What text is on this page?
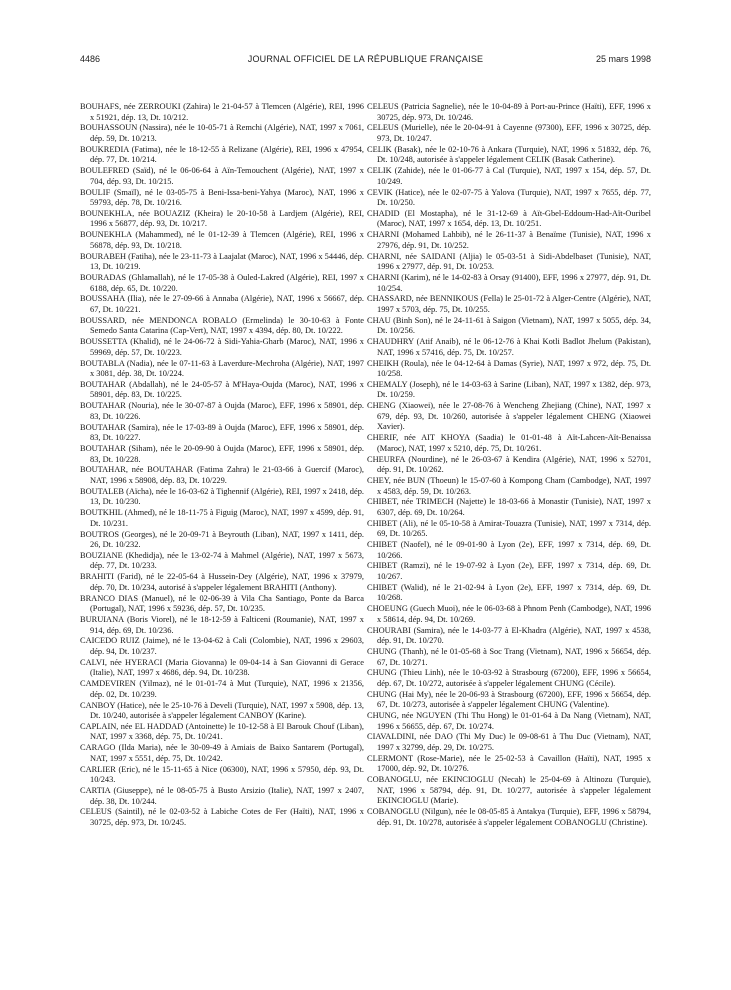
4486	JOURNAL OFFICIEL DE LA RÉPUBLIQUE FRANÇAISE	25 mars 1998

BOUHAFS, née ZERROUKI (Zahira) le 21-04-57 à Tlemcen (Algérie), REI, 1996 x 51921, dép. 13, Dt. 10/212.

BOUHASSOUN (Nassira), née le 10-05-71 à Remchi (Algérie), NAT, 1997 x 7061, dép. 59, Dt. 10/213.

BOUKREDIA (Fatima), née le 18-12-55 à Relizane (Algérie), REI, 1996 x 47954, dép. 77, Dt. 10/214.

BOULEFRED (Saïd), né le 06-06-64 à Aïn-Temouchent (Algérie), NAT, 1997 x 704, dép. 93, Dt. 10/215.

BOULIF (Smaïl), né le 03-05-75 à Beni-Issa-beni-Yahya (Maroc), NAT, 1996 x 59793, dép. 78, Dt. 10/216.

BOUNEKHLA, née BOUAZIZ (Kheira) le 20-10-58 à Lardjem (Algérie), REI, 1996 x 56877, dép. 93, Dt. 10/217.

BOUNEKHLA (Mahammed), né le 01-12-39 à Tlemcen (Algérie), REI, 1996 x 56878, dép. 93, Dt. 10/218.

BOURABEH (Fatiha), née le 23-11-73 à Laajalat (Maroc), NAT, 1996 x 54446, dép. 13, Dt. 10/219.

BOURADAS (Ghlamallah), né le 17-05-38 à Ouled-Lakred (Algérie), REI, 1997 x 6188, dép. 65, Dt. 10/220.

BOUSSAHA (Ilia), née le 27-09-66 à Annaba (Algérie), NAT, 1996 x 56667, dép. 67, Dt. 10/221.

BOUSSARD, née MENDONCA ROBALO (Ermelinda) le 30-10-63 à Fonte Semedo Santa Catarina (Cap-Vert), NAT, 1997 x 4394, dép. 80, Dt. 10/222.

BOUSSETTA (Khalid), né le 24-06-72 à Sidi-Yahia-Gharb (Maroc), NAT, 1996 x 59969, dép. 57, Dt. 10/223.

BOUTABLA (Nadia), née le 07-11-63 à Laverdure-Mechroha (Algérie), NAT, 1997 x 3081, dép. 38, Dt. 10/224.

BOUTAHAR (Abdallah), né le 24-05-57 à M'Haya-Oujda (Maroc), NAT, 1996 x 58901, dép. 83, Dt. 10/225.

BOUTAHAR (Nouria), née le 30-07-87 à Oujda (Maroc), EFF, 1996 x 58901, dép. 83, Dt. 10/226.

BOUTAHAR (Samira), née le 17-03-89 à Oujda (Maroc), EFF, 1996 x 58901, dép. 83, Dt. 10/227.

BOUTAHAR (Siham), née le 20-09-90 à Oujda (Maroc), EFF, 1996 x 58901, dép. 83, Dt. 10/228.

BOUTAHAR, née BOUTAHAR (Fatima Zahra) le 21-03-66 à Guercif (Maroc), NAT, 1996 x 58908, dép. 83, Dt. 10/229.

BOUTALEB (Aïcha), née le 16-03-62 à Tighennif (Algérie), REI, 1997 x 2418, dép. 13, Dt. 10/230.

BOUTKHIL (Ahmed), né le 18-11-75 à Figuig (Maroc), NAT, 1997 x 4599, dép. 91, Dt. 10/231.

BOUTROS (Georges), né le 20-09-71 à Beyrouth (Liban), NAT, 1997 x 1411, dép. 26, Dt. 10/232.

BOUZIANE (Khedidja), née le 13-02-74 à Mahmel (Algérie), NAT, 1997 x 5673, dép. 77, Dt. 10/233.

BRAHITI (Farid), né le 22-05-64 à Hussein-Dey (Algérie), NAT, 1996 x 37979, dép. 70, Dt. 10/234, autorisé à s'appeler légalement BRAHITI (Anthony).

BRANCO DIAS (Manuel), né le 02-06-39 à Vila Cha Santiago, Ponte da Barca (Portugal), NAT, 1996 x 59236, dép. 57, Dt. 10/235.

BURUIANA (Boris Viorel), né le 18-12-59 à Falticeni (Roumanie), NAT, 1997 x 914, dép. 69, Dt. 10/236.

CAICEDO RUIZ (Jaime), né le 13-04-62 à Cali (Colombie), NAT, 1996 x 29603, dép. 94, Dt. 10/237.

CALVI, née HYERACI (Maria Giovanna) le 09-04-14 à San Giovanni di Gerace (Italie), NAT, 1997 x 4686, dép. 94, Dt. 10/238.

CAMDEVIREN (Yilmaz), né le 01-01-74 à Mut (Turquie), NAT, 1996 x 21356, dép. 02, Dt. 10/239.

CANBOY (Hatice), née le 25-10-76 à Develi (Turquie), NAT, 1997 x 5908, dép. 13, Dt. 10/240, autorisée à s'appeler légalement CANBOY (Karine).

CAPLAIN, née EL HADDAD (Antoinette) le 10-12-58 à El Barouk Chouf (Liban), NAT, 1997 x 3368, dép. 75, Dt. 10/241.

CARAGO (Ilda Maria), née le 30-09-49 à Amiais de Baixo Santarem (Portugal), NAT, 1997 x 5551, dép. 75, Dt. 10/242.

CARLIER (Eric), né le 15-11-65 à Nice (06300), NAT, 1996 x 57950, dép. 93, Dt. 10/243.

CARTIA (Giuseppe), né le 08-05-75 à Busto Arsizio (Italie), NAT, 1997 x 2407, dép. 38, Dt. 10/244.

CELEUS (Saintil), né le 02-03-52 à Labiche Cotes de Fer (Haïti), NAT, 1996 x 30725, dép. 973, Dt. 10/245.

CELEUS (Patricia Sagnelie), née le 10-04-89 à Port-au-Prince (Haïti), EFF, 1996 x 30725, dép. 973, Dt. 10/246.

CELEUS (Murielle), née le 20-04-91 à Cayenne (97300), EFF, 1996 x 30725, dép. 973, Dt. 10/247.

CELIK (Basak), née le 02-10-76 à Ankara (Turquie), NAT, 1996 x 51832, dép. 76, Dt. 10/248, autorisée à s'appeler légalement CELIK (Basak Catherine).

CELIK (Zahide), née le 01-06-77 à Cal (Turquie), NAT, 1997 x 154, dép. 57, Dt. 10/249.

CEVIK (Hatice), née le 02-07-75 à Yalova (Turquie), NAT, 1997 x 7655, dép. 77, Dt. 10/250.

CHADID (El Mostapha), né le 31-12-69 à Aït-Gbel-Eddoum-Had-Aït-Ouribel (Maroc), NAT, 1997 x 1654, dép. 13, Dt. 10/251.

CHARNI (Mohamed Lahbib), né le 26-11-37 à Benaïme (Tunisie), NAT, 1996 x 27976, dép. 91, Dt. 10/252.

CHARNI, née SAIDANI (Aljia) le 05-03-51 à Sidi-Abdelbaset (Tunisie), NAT, 1996 x 27977, dép. 91, Dt. 10/253.

CHARNI (Karim), né le 14-02-83 à Orsay (91400), EFF, 1996 x 27977, dép. 91, Dt. 10/254.

CHASSARD, née BENNIKOUS (Fella) le 25-01-72 à Alger-Centre (Algérie), NAT, 1997 x 5703, dép. 75, Dt. 10/255.

CHAU (Binh Son), né le 24-11-61 à Saigon (Vietnam), NAT, 1997 x 5055, dép. 34, Dt. 10/256.

CHAUDHRY (Atif Anaib), né le 06-12-76 à Khai Kotli Badlot Jhelum (Pakistan), NAT, 1996 x 57416, dép. 75, Dt. 10/257.

CHEIKH (Roula), née le 04-12-64 à Damas (Syrie), NAT, 1997 x 972, dép. 75, Dt. 10/258.

CHEMALY (Joseph), né le 14-03-63 à Sarine (Liban), NAT, 1997 x 1382, dép. 973, Dt. 10/259.

CHENG (Xiaowei), née le 27-08-76 à Wencheng Zhejiang (Chine), NAT, 1997 x 679, dép. 93, Dt. 10/260, autorisée à s'appeler légalement CHENG (Xiaowei Xavier).

CHERIF, née AIT KHOYA (Saadia) le 01-01-48 à Aït-Lahcen-Aït-Benaissa (Maroc), NAT, 1997 x 5210, dép. 75, Dt. 10/261.

CHEURFA (Nourdine), né le 26-03-67 à Kendira (Algérie), NAT, 1996 x 52701, dép. 91, Dt. 10/262.

CHEY, née BUN (Thoeun) le 15-07-60 à Kompong Cham (Cambodge), NAT, 1997 x 4583, dép. 59, Dt. 10/263.

CHIBET, née TRIMECH (Najette) le 18-03-66 à Monastir (Tunisie), NAT, 1997 x 6307, dép. 69, Dt. 10/264.

CHIBET (Ali), né le 05-10-58 à Amirat-Touazra (Tunisie), NAT, 1997 x 7314, dép. 69, Dt. 10/265.

CHIBET (Naofel), né le 09-01-90 à Lyon (2e), EFF, 1997 x 7314, dép. 69, Dt. 10/266.

CHIBET (Ramzi), né le 19-07-92 à Lyon (2e), EFF, 1997 x 7314, dép. 69, Dt. 10/267.

CHIBET (Walid), né le 21-02-94 à Lyon (2e), EFF, 1997 x 7314, dép. 69, Dt. 10/268.

CHOEUNG (Guech Muoi), née le 06-03-68 à Phnom Penh (Cambodge), NAT, 1996 x 58614, dép. 94, Dt. 10/269.

CHOURABI (Samira), née le 14-03-77 à El-Khadra (Algérie), NAT, 1997 x 4538, dép. 91, Dt. 10/270.

CHUNG (Thanh), né le 01-05-68 à Soc Trang (Vietnam), NAT, 1996 x 56654, dép. 67, Dt. 10/271.

CHUNG (Thieu Linh), née le 10-03-92 à Strasbourg (67200), EFF, 1996 x 56654, dép. 67, Dt. 10/272, autorisée à s'appeler légalement CHUNG (Cécile).

CHUNG (Hai My), née le 20-06-93 à Strasbourg (67200), EFF, 1996 x 56654, dép. 67, Dt. 10/273, autorisée à s'appeler légalement CHUNG (Valentine).

CHUNG, née NGUYEN (Thi Thu Hong) le 01-01-64 à Da Nang (Vietnam), NAT, 1996 x 56655, dép. 67, Dt. 10/274.

CIAVALDINI, née DAO (Thi My Duc) le 09-08-61 à Thu Duc (Vietnam), NAT, 1997 x 32799, dép. 29, Dt. 10/275.

CLERMONT (Rose-Marie), née le 25-02-53 à Cavaillon (Haïti), NAT, 1995 x 17000, dép. 92, Dt. 10/276.

COBANOGLU, née EKINCIOGLU (Necah) le 25-04-69 à Altinozu (Turquie), NAT, 1996 x 58794, dép. 91, Dt. 10/277, autorisée à s'appeler légalement EKINCIOGLU (Marie).

COBANOGLU (Nilgun), née le 08-05-85 à Antakya (Turquie), EFF, 1996 x 58794, dép. 91, Dt. 10/278, autorisée à s'appeler légalement COBANOGLU (Christine).
